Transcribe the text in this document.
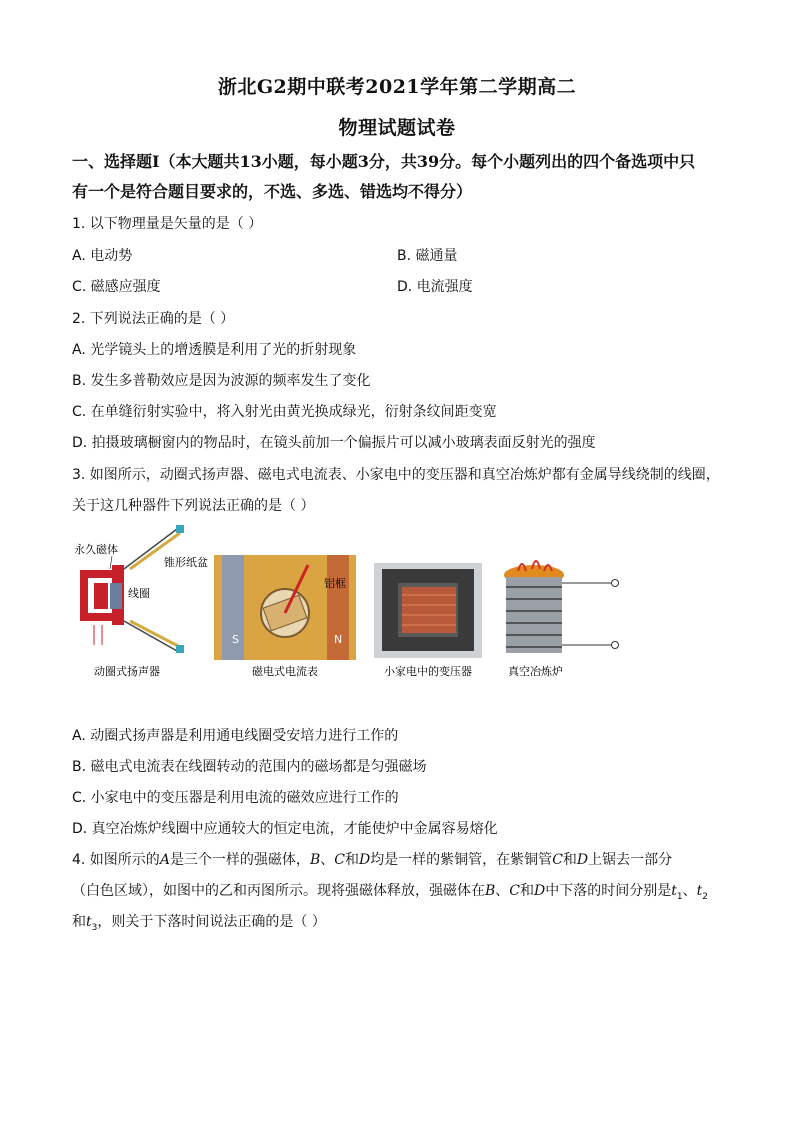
浙北G2期中联考2021学年第二学期高二
物理试题试卷
一、选择题Ⅰ（本大题共13小题，每小题3分，共39分。每个小题列出的四个备选项中只
有一个是符合题目要求的，不选、多选、错选均不得分）
1. 以下物理量是矢量的是（ ）
A. 电动势	B. 磁通量
C. 磁感应强度	D. 电流强度
2. 下列说法正确的是（ ）
A. 光学镜头上的增透膜是利用了光的折射现象
B. 发生多普勒效应是因为波源的频率发生了变化
C. 在单缝衍射实验中，将入射光由黄光换成绿光，衍射条纹间距变宽
D. 拍摄玻璃橱窗内的物品时，在镜头前加一个偏振片可以减小玻璃表面反射光的强度
3. 如图所示，动圈式扬声器、磁电式电流表、小家电中的变压器和真空冶炼炉都有金属导线绕制的线圈，
关于这几种器件下列说法正确的是（ ）
永久磁体
锥形纸盆
线圈
S	N
铝框
动圈式扬声器	磁电式电流表	小家电中的变压器	真空冶炼炉
A. 动圈式扬声器是利用通电线圈受安培力进行工作的
B. 磁电式电流表在线圈转动的范围内的磁场都是匀强磁场
C. 小家电中的变压器是利用电流的磁效应进行工作的
D. 真空冶炼炉线圈中应通较大的恒定电流，才能使炉中金属容易熔化
4. 如图所示的A是三个一样的强磁体，B、C和D均是一样的紫铜管，在紫铜管C和D上锯去一部分
（白色区域），如图中的乙和丙图所示。现将强磁体释放，强磁体在B、C和D中下落的时间分别是$t_1$、$t_2$
和$t_3$，则关于下落时间说法正确的是（ ）
